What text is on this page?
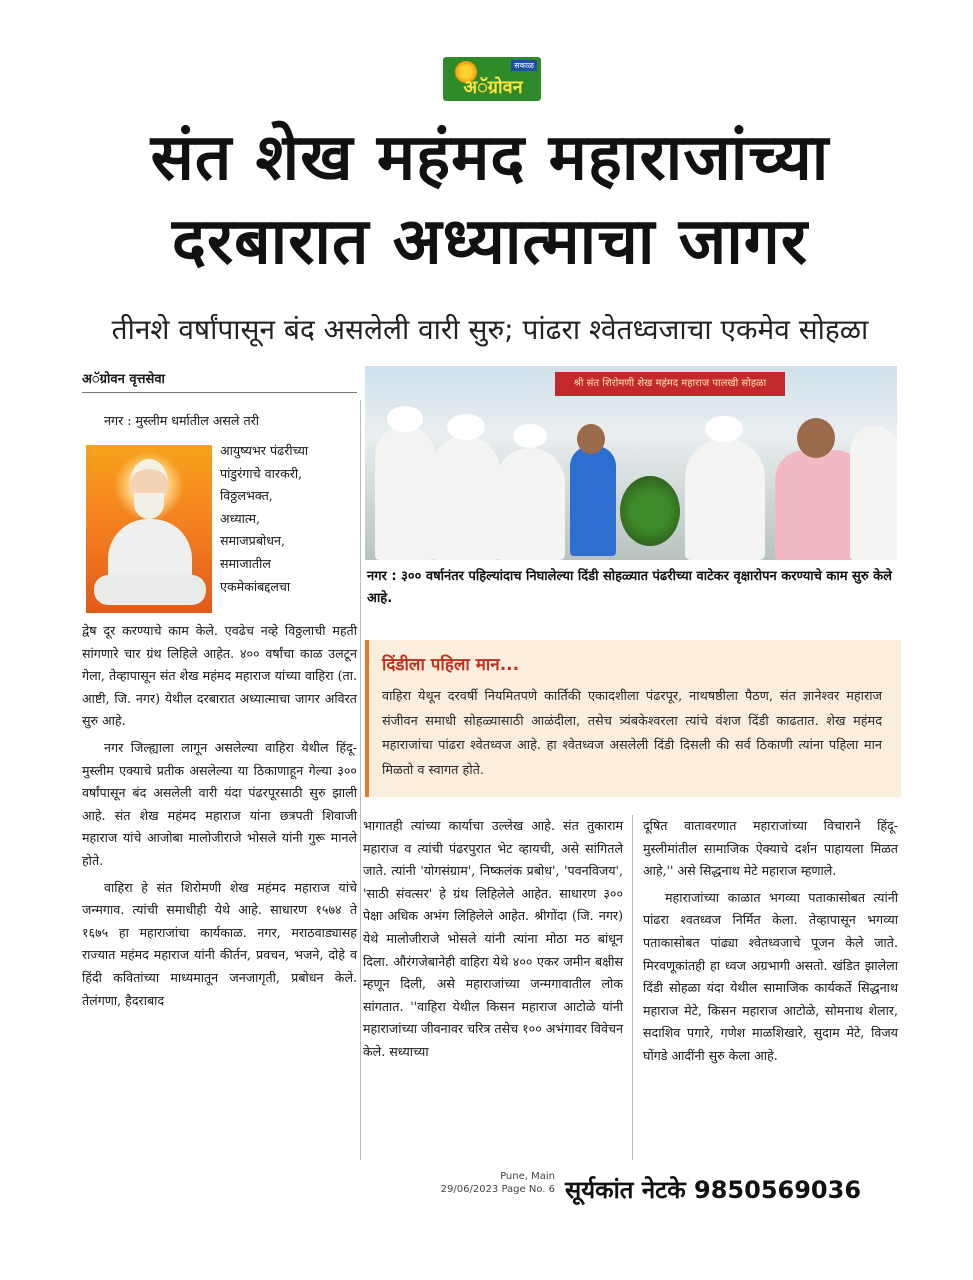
सकाळ
अॅग्रोवन
संत शेख महंमद महाराजांच्या
दरबारात अध्यात्माचा जागर
तीनशे वर्षांपासून बंद असलेली वारी सुरु; पांढरा श्वेतध्वजाचा एकमेव सोहळा
अॅग्रोवन वृत्तसेवा

नगर : मुस्लीम धर्मातील असले तरी

आयुष्यभर पंढरीच्या
पांडुरंगाचे वारकरी,
विठ्ठलभक्त,
अध्यात्म,
समाजप्रबोधन,
समाजातील
एकमेकांबद्दलचा

द्वेष दूर करण्याचे काम केले. एवढेच नव्हे विठ्ठलाची महती सांगणारे चार ग्रंथ लिहिले आहेत. ४०० वर्षांचा काळ उलटून गेला, तेव्हापासून संत शेख महंमद महाराज यांच्या वाहिरा (ता. आष्टी, जि. नगर) येथील दरबारात अध्यात्माचा जागर अविरत सुरु आहे.

नगर जिल्ह्याला लागून असलेल्या वाहिरा येथील हिंदू-मुस्लीम एक्याचे प्रतीक असलेल्या या ठिकाणाहून गेल्या ३०० वर्षांपासून बंद असलेली वारी यंदा पंढरपूरसाठी सुरु झाली आहे. संत शेख महंमद महाराज यांना छत्रपती शिवाजी महाराज यांचे आजोबा मालोजीराजे भोसले यांनी गुरू मानले होते.

वाहिरा हे संत शिरोमणी शेख महंमद महाराज यांचे जन्मगाव. त्यांची समाधीही येथे आहे. साधारण १५७४ ते १६७५ हा महाराजांचा कार्यकाळ. नगर, मराठवाड्यासह राज्यात महंमद महाराज यांनी कीर्तन, प्रवचन, भजने, दोहे व हिंदी कवितांच्या माध्यमातून जनजागृती, प्रबोधन केले. तेलंगणा, हैदराबाद

श्री संत शिरोमणी शेख महंमद महाराज पालखी सोहळा
नगर : ३०० वर्षानंतर पहिल्यांदाच निघालेल्या दिंडी सोहळ्यात पंढरीच्या वाटेकर वृक्षारोपन करण्याचे काम सुरु केले आहे.
दिंडीला पहिला मान...
वाहिरा येथून दरवर्षी नियमितपणे कार्तिकी एकादशीला पंढरपूर, नाथषष्ठीला पैठण, संत ज्ञानेश्वर महाराज संजीवन समाधी सोहळ्यासाठी आळंदीला, तसेच त्र्यंबकेश्वरला त्यांचे वंशज दिंडी काढतात. शेख महंमद महाराजांचा पांढरा श्वेतध्वज आहे. हा श्वेतध्वज असलेली दिंडी दिसली की सर्व ठिकाणी त्यांना पहिला मान मिळतो व स्वागत होते.

भागातही त्यांच्या कार्याचा उल्लेख आहे. संत तुकाराम महाराज व त्यांची पंढरपुरात भेट व्हायची, असे सांगितले जाते. त्यांनी 'योगसंग्राम', निष्कलंक प्रबोध', 'पवनविजय', 'साठी संवत्सर' हे ग्रंथ लिहिलेले आहेत. साधारण ३०० पेक्षा अधिक अभंग लिहिलेले आहेत. श्रीगोंदा (जि. नगर) येथे मालोजीराजे भोसले यांनी त्यांना मोठा मठ बांधून दिला. औरंगजेबानेही वाहिरा येथे ४०० एकर जमीन बक्षीस म्हणून दिली, असे महाराजांच्या जन्मगावातील लोक सांगतात. ''वाहिरा येथील किसन महाराज आटोळे यांनी महाराजांच्या जीवनावर चरित्र तसेच १०० अभंगावर विवेचन केले. सध्याच्या

दूषित वातावरणात महाराजांच्या विचाराने हिंदू-मुस्लीमांतील सामाजिक ऐक्याचे दर्शन पाहायला मिळत आहे,'' असे सिद्धनाथ मेटे महाराज म्हणाले.

महाराजांच्या काळात भगव्या पताकासोबत त्यांनी पांढरा श्वतध्वज निर्मित केला. तेव्हापासून भगव्या पताकासोबत पांढ्या श्वेतध्वजाचे पूजन केले जाते. मिरवणूकांतही हा ध्वज अग्रभागी असतो. खंडित झालेला दिंडी सोहळा यंदा येथील सामाजिक कार्यकर्ते सिद्धनाथ महाराज मेटे, किसन महाराज आटोळे, सोमनाथ शेलार, सदाशिव पगारे, गणेश माळशिखारे, सुदाम मेटे, विजय घोंगडे आदींनी सुरु केला आहे.

Pune, Main
29/06/2023 Page No. 6 सूर्यकांत नेटके 9850569036
